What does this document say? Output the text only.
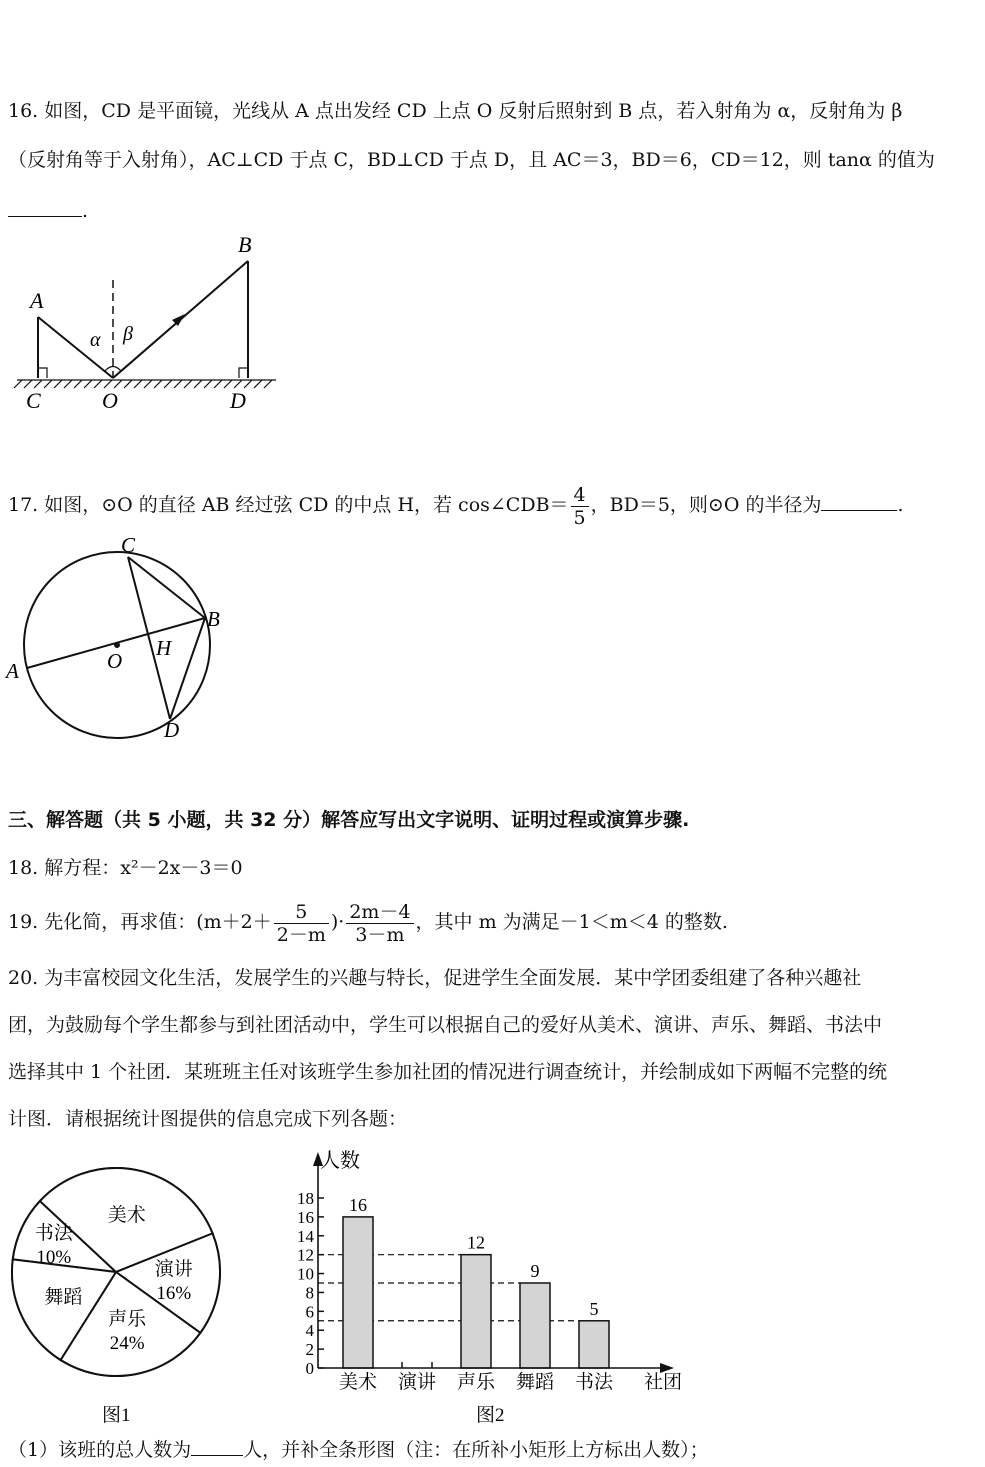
16. 如图，CD 是平面镜，光线从 A 点出发经 CD 上点 O 反射后照射到 B 点，若入射角为 α，反射角为 β
（反射角等于入射角），AC⊥CD 于点 C，BD⊥CD 于点 D，且 AC＝3，BD＝6，CD＝12，则 tanα 的值为
.
A
B
C	O	D
α β
17. 如图，⊙O 的直径 AB 经过弦 CD 的中点 H，若 cos∠CDB＝ $\frac{4}{5}$ ，BD＝5，则⊙O 的半径为	.
C
B
A	O
H
D
三、解答题（共 5 小题，共 32 分）解答应写出文字说明、证明过程或演算步骤.
18. 解方程：x²－2x－3＝0
19. 先化简，再求值：($m+2+ \frac{5}{2-m}$ )· $\frac{2m-4}{3-m}$ ，其中 m 为满足－1＜m＜4 的整数.
20. 为丰富校园文化生活，发展学生的兴趣与特长，促进学生全面发展．某中学团委组建了各种兴趣社
团，为鼓励每个学生都参与到社团活动中，学生可以根据自己的爱好从美术、演讲、声乐、舞蹈、书法中
选择其中 1 个社团．某班班主任对该班学生参加社团的情况进行调查统计，并绘制成如下两幅不完整的统
计图．请根据统计图提供的信息完成下列各题：
书法
10%
美术
演讲
16%
声乐
24%
舞蹈
图1
0
2
4
6
8
10
12
14
16
18
美术 演讲 声乐 舞蹈 书法
16
12
9
5
人数
社团
图2
（1）该班的总人数为	人，并补全条形图（注：在所补小矩形上方标出人数）；
